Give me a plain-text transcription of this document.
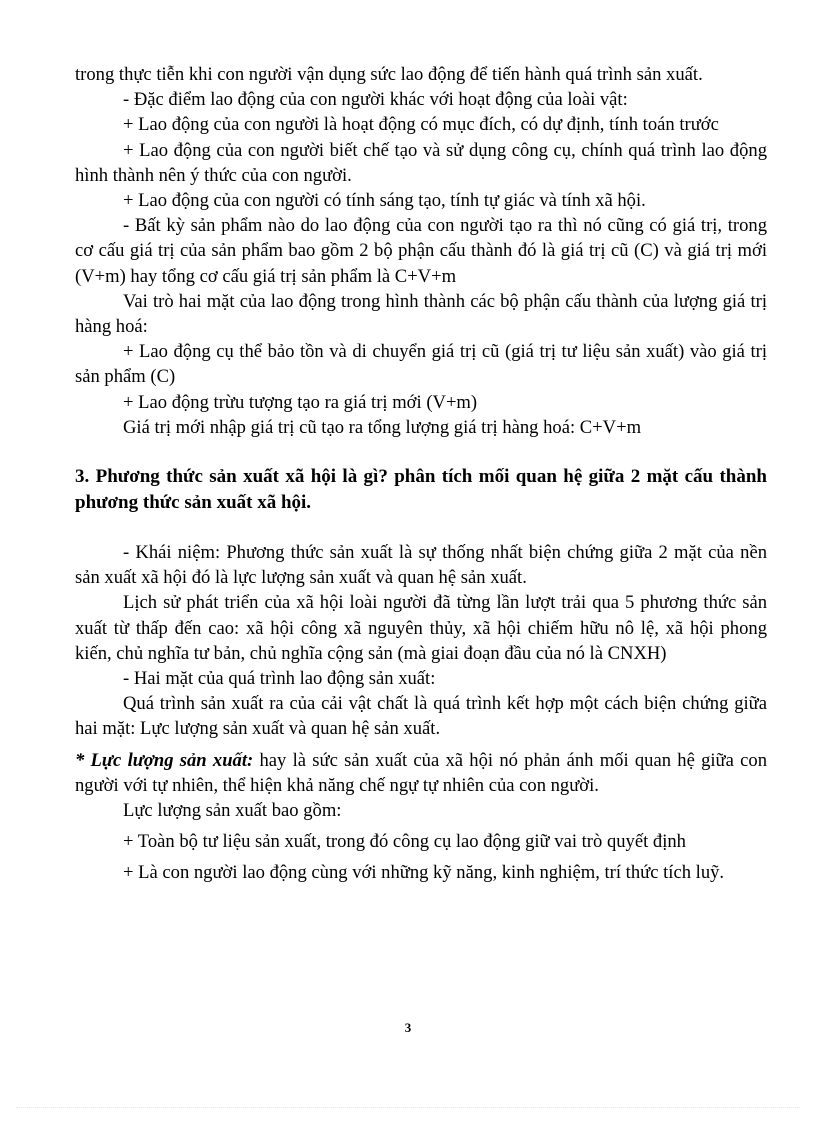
trong thực tiễn khi con người vận dụng sức lao động để tiến hành quá trình sản xuất.

- Đặc điểm lao động của con người khác với hoạt động của loài vật:

+ Lao động của con người là hoạt động có mục đích, có dự định, tính toán trước

+ Lao động của con người biết chế tạo và sử dụng công cụ, chính quá trình lao động hình thành nên ý thức của con người.

+ Lao động của con người có tính sáng tạo, tính tự giác và tính xã hội.

- Bất kỳ sản phẩm nào do lao động của con người tạo ra thì nó cũng có giá trị, trong cơ cấu giá trị của sản phẩm bao gồm 2 bộ phận cấu thành đó là giá trị cũ (C) và giá trị mới (V+m) hay tổng cơ cấu giá trị sản phẩm là C+V+m

Vai trò hai mặt của lao động trong hình thành các bộ phận cấu thành của lượng giá trị hàng hoá:

+ Lao động cụ thể bảo tồn và di chuyển giá trị cũ (giá trị tư liệu sản xuất) vào giá trị sản phẩm (C)

+ Lao động trừu tượng tạo ra giá trị mới (V+m)

Giá trị mới nhập giá trị cũ tạo ra tổng lượng giá trị hàng hoá: C+V+m

3. Phương thức sản xuất xã hội là gì? phân tích mối quan hệ giữa 2 mặt cấu thành phương thức sản xuất xã hội.

- Khái niệm: Phương thức sản xuất là sự thống nhất biện chứng giữa 2 mặt của nền sản xuất xã hội đó là lực lượng sản xuất và quan hệ sản xuất.

Lịch sử phát triển của xã hội loài người đã từng lần lượt trải qua 5 phương thức sản xuất từ thấp đến cao: xã hội công xã nguyên thủy, xã hội chiếm hữu nô lệ, xã hội phong kiến, chủ nghĩa tư bản, chủ nghĩa cộng sản (mà giai đoạn đầu của nó là CNXH)

- Hai mặt của quá trình lao động sản xuất:

Quá trình sản xuất ra của cải vật chất là quá trình kết hợp một cách biện chứng giữa hai mặt: Lực lượng sản xuất và quan hệ sản xuất.

* Lực lượng sản xuất: hay là sức sản xuất của xã hội nó phản ánh mối quan hệ giữa con người với tự nhiên, thể hiện khả năng chế ngự tự nhiên của con người.

Lực lượng sản xuất bao gồm:

+ Toàn bộ tư liệu sản xuất, trong đó công cụ lao động giữ vai trò quyết định

+ Là con người lao động cùng với những kỹ năng, kinh nghiệm, trí thức tích luỹ.

3
